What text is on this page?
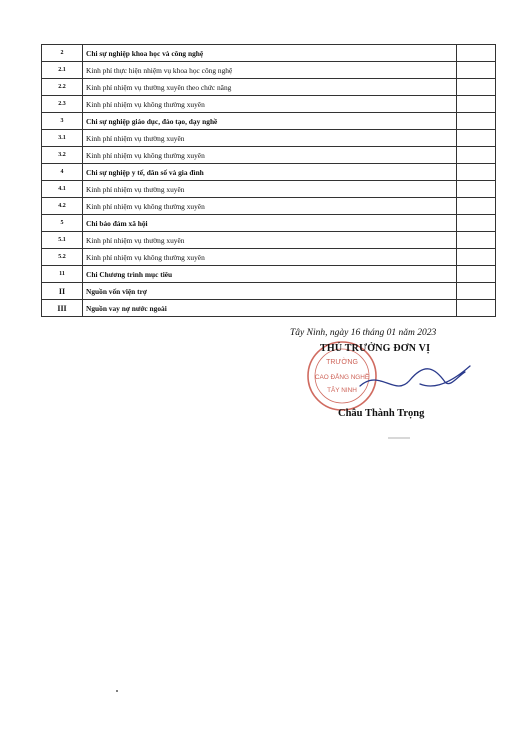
2	Chi sự nghiệp khoa học và công nghệ	
2.1	Kinh phí thực hiện nhiệm vụ khoa học công nghệ	
2.2	Kinh phí nhiệm vụ thường xuyên theo chức năng	
2.3	Kinh phí nhiệm vụ không thường xuyên	
3	Chi sự nghiệp giáo dục, đào tạo, dạy nghề	
3.1	Kinh phí nhiệm vụ thường xuyên	
3.2	Kinh phí nhiệm vụ không thường xuyên	
4	Chi sự nghiệp y tế, dân số và gia đình	
4.1	Kinh phí nhiệm vụ thường xuyên	
4.2	Kinh phí nhiệm vụ không thường xuyên	
5	Chi bảo đảm xã hội	
5.1	Kinh phí nhiệm vụ thường xuyên	
5.2	Kinh phí nhiệm vụ không thường xuyên	
11	Chi Chương trình mục tiêu	
II	Nguồn vốn viện trợ	
III	Nguồn vay nợ nước ngoài	
TRƯỜNG
CAO ĐẲNG NGHỀ
TÂY NINH
Tây Ninh, ngày 16 tháng 01 năm 2023
THỦ TRƯỞNG ĐƠN VỊ
Châu Thành Trọng
